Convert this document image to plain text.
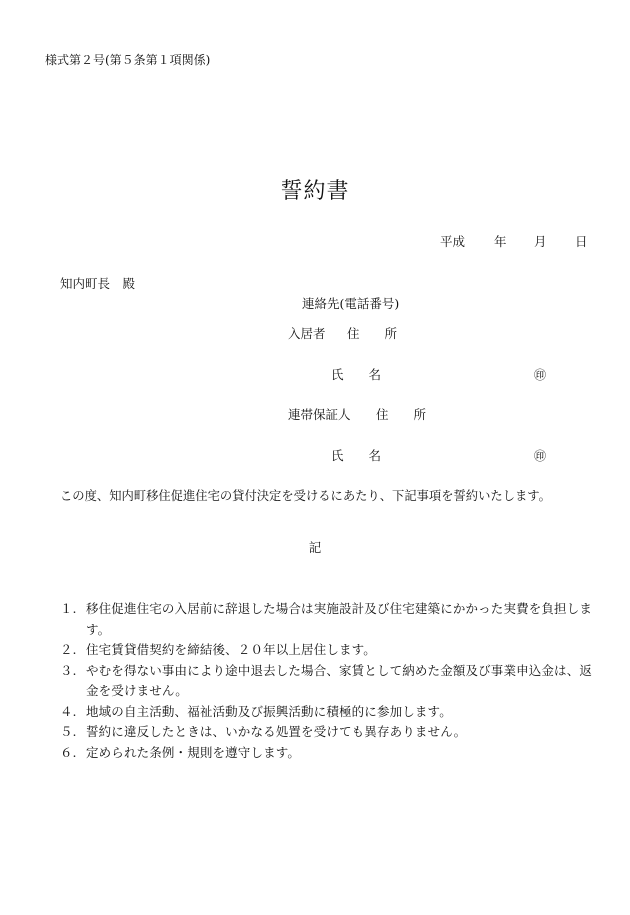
様式第２号(第５条第１項関係)
誓約書
平成 年 月 日
知内町長　殿
連絡先(電話番号)
入居者 住　　所
氏　　名	㊞
連帯保証人 住　　所
氏　　名	㊞
この度、知内町移住促進住宅の貸付決定を受けるにあたり、下記事項を誓約いたします。
記
１. 移住促進住宅の入居前に辞退した場合は実施設計及び住宅建築にかかった実費を負担します。
２. 住宅賃貸借契約を締結後、２０年以上居住します。
３. やむを得ない事由により途中退去した場合、家賃として納めた金額及び事業申込金は、返金を受けません。
４. 地域の自主活動、福祉活動及び振興活動に積極的に参加します。
５. 誓約に違反したときは、いかなる処置を受けても異存ありません。
６. 定められた条例・規則を遵守します。
